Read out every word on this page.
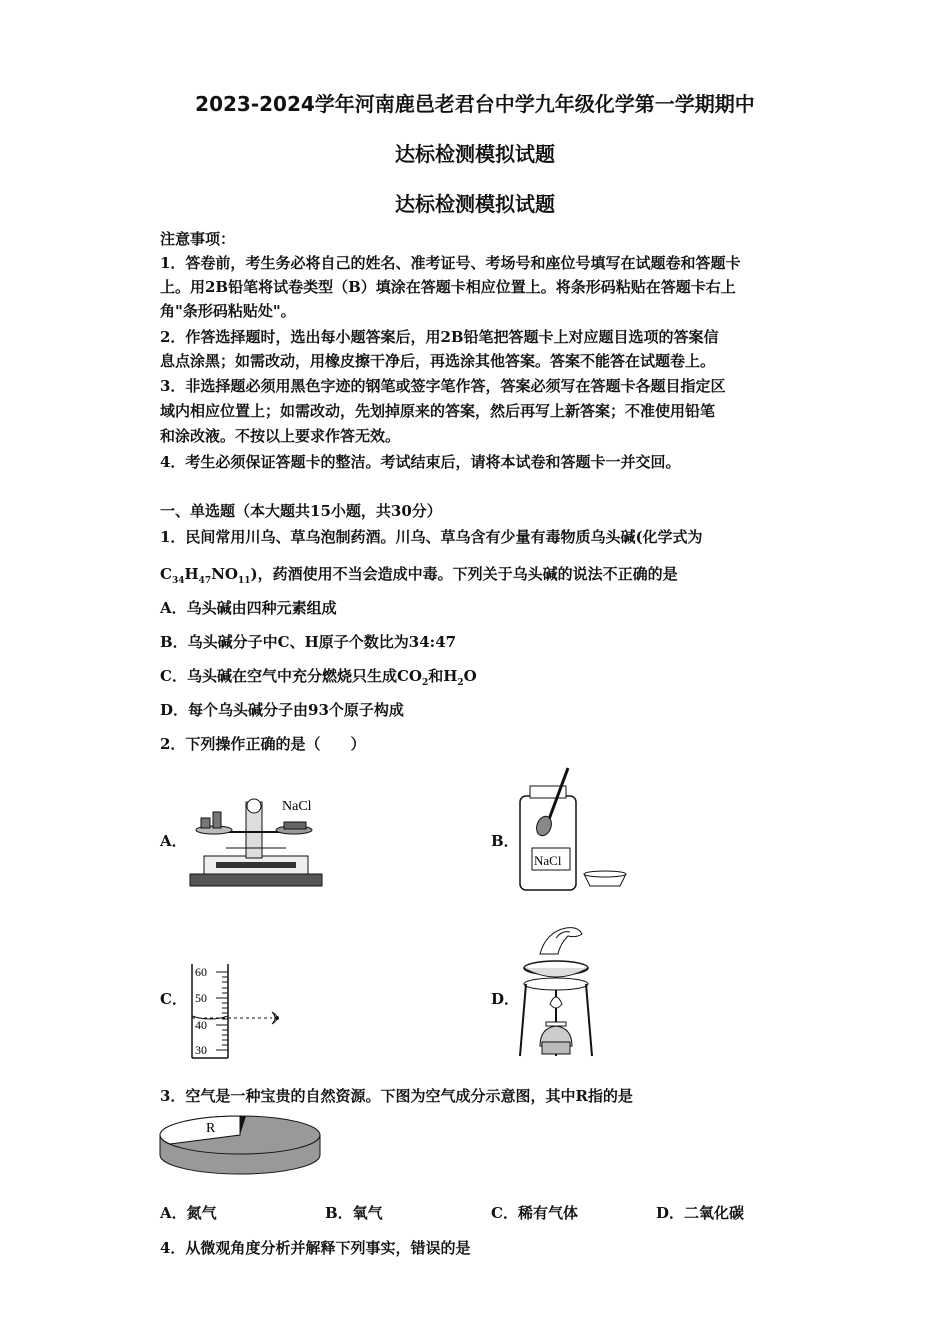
2023-2024学年河南鹿邑老君台中学九年级化学第一学期期中
达标检测模拟试题
达标检测模拟试题
注意事项：
1．答卷前，考生务必将自己的姓名、准考证号、考场号和座位号填写在试题卷和答题卡
上。用2B铅笔将试卷类型（B）填涂在答题卡相应位置上。将条形码粘贴在答题卡右上
角"条形码粘贴处"。
2．作答选择题时，选出每小题答案后，用2B铅笔把答题卡上对应题目选项的答案信
息点涂黑；如需改动，用橡皮擦干净后，再选涂其他答案。答案不能答在试题卷上。
3．非选择题必须用黑色字迹的钢笔或签字笔作答，答案必须写在答题卡各题目指定区
域内相应位置上；如需改动，先划掉原来的答案，然后再写上新答案；不准使用铅笔
和涂改液。不按以上要求作答无效。
4．考生必须保证答题卡的整洁。考试结束后，请将本试卷和答题卡一并交回。
一、单选题（本大题共15小题，共30分）
1．民间常用川乌、草乌泡制药酒。川乌、草乌含有少量有毒物质乌头碱(化学式为
$C_{34}H_{47}NO_{11}$)，药酒使用不当会造成中毒。下列关于乌头碱的说法不正确的是
A．乌头碱由四种元素组成
B．乌头碱分子中C、H原子个数比为34:47
C．乌头碱在空气中充分燃烧只生成$CO_2$和$H_2O$
D．每个乌头碱分子由93个原子构成
2．下列操作正确的是（　　）
A．
NaCl
B．
NaCl
C．
60
50
40
30
D．
3．空气是一种宝贵的自然资源。下图为空气成分示意图，其中R指的是
R
A．氮气	B．氧气	C．稀有气体	D．二氧化碳
4．从微观角度分析并解释下列事实，错误的是
